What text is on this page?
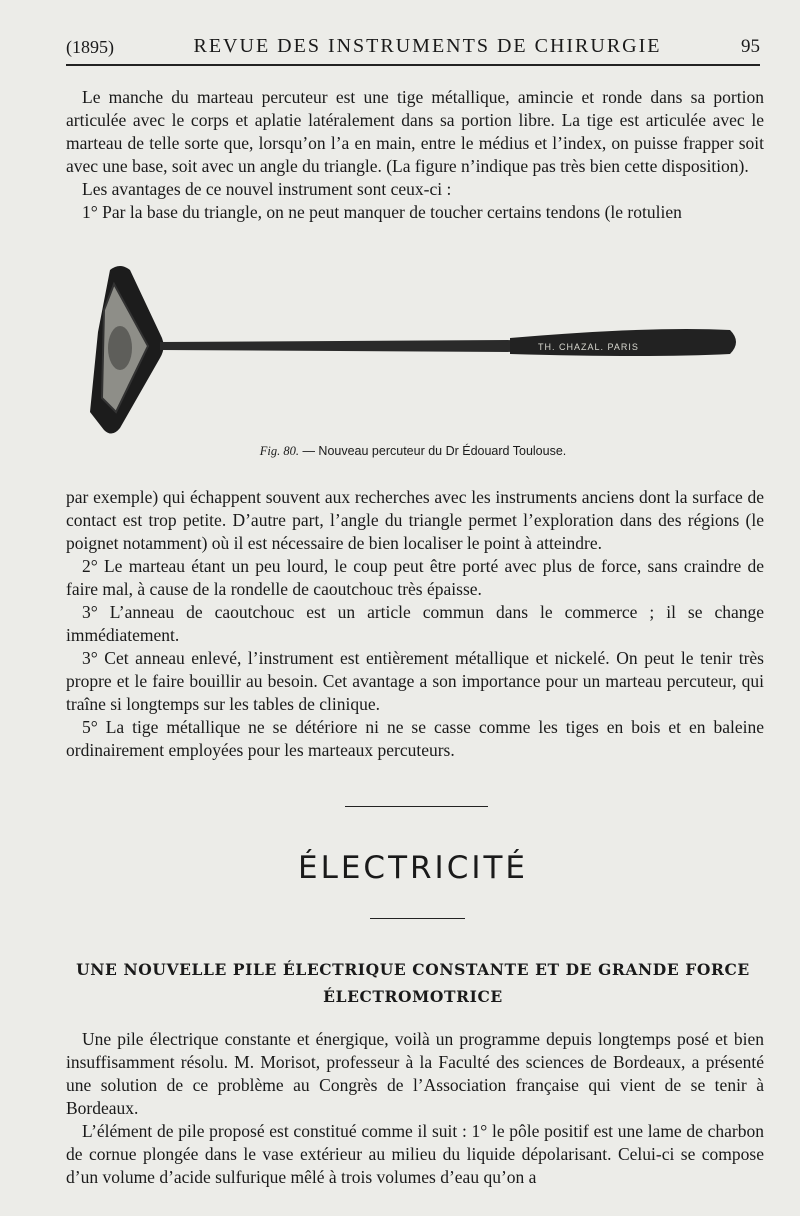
(1895)	REVUE DES INSTRUMENTS DE CHIRURGIE	95

Le manche du marteau percuteur est une tige métallique, amincie et ronde dans sa portion articulée avec le corps et aplatie latéralement dans sa portion libre. La tige est articulée avec le marteau de telle sorte que, lorsqu’on l’a en main, entre le médius et l’index, on puisse frapper soit avec une base, soit avec un angle du triangle. (La figure n’indique pas très bien cette disposition).

Les avantages de ce nouvel instrument sont ceux-ci :

1° Par la base du triangle, on ne peut manquer de toucher certains tendons (le rotulien

TH. CHAZAL. PARIS
Fig. 80. — Nouveau percuteur du Dr Édouard Toulouse.

par exemple) qui échappent souvent aux recherches avec les instruments anciens dont la surface de contact est trop petite. D’autre part, l’angle du triangle permet l’exploration dans des régions (le poignet notamment) où il est nécessaire de bien localiser le point à atteindre.

2° Le marteau étant un peu lourd, le coup peut être porté avec plus de force, sans craindre de faire mal, à cause de la rondelle de caoutchouc très épaisse.

3° L’anneau de caoutchouc est un article commun dans le commerce ; il se change immédiatement.

3° Cet anneau enlevé, l’instrument est entièrement métallique et nickelé. On peut le tenir très propre et le faire bouillir au besoin. Cet avantage a son importance pour un marteau percuteur, qui traîne si longtemps sur les tables de clinique.

5° La tige métallique ne se détériore ni ne se casse comme les tiges en bois et en baleine ordinairement employées pour les marteaux percuteurs.

ÉLECTRICITÉ
UNE NOUVELLE PILE ÉLECTRIQUE CONSTANTE ET DE GRANDE FORCE ÉLECTROMOTRICE

Une pile électrique constante et énergique, voilà un programme depuis longtemps posé et bien insuffisamment résolu. M. Morisot, professeur à la Faculté des sciences de Bordeaux, a présenté une solution de ce problème au Congrès de l’Association française qui vient de se tenir à Bordeaux.

L’élément de pile proposé est constitué comme il suit : 1° le pôle positif est une lame de charbon de cornue plongée dans le vase extérieur au milieu du liquide dépolarisant. Celui-ci se compose d’un volume d’acide sulfurique mêlé à trois volumes d’eau qu’on a
